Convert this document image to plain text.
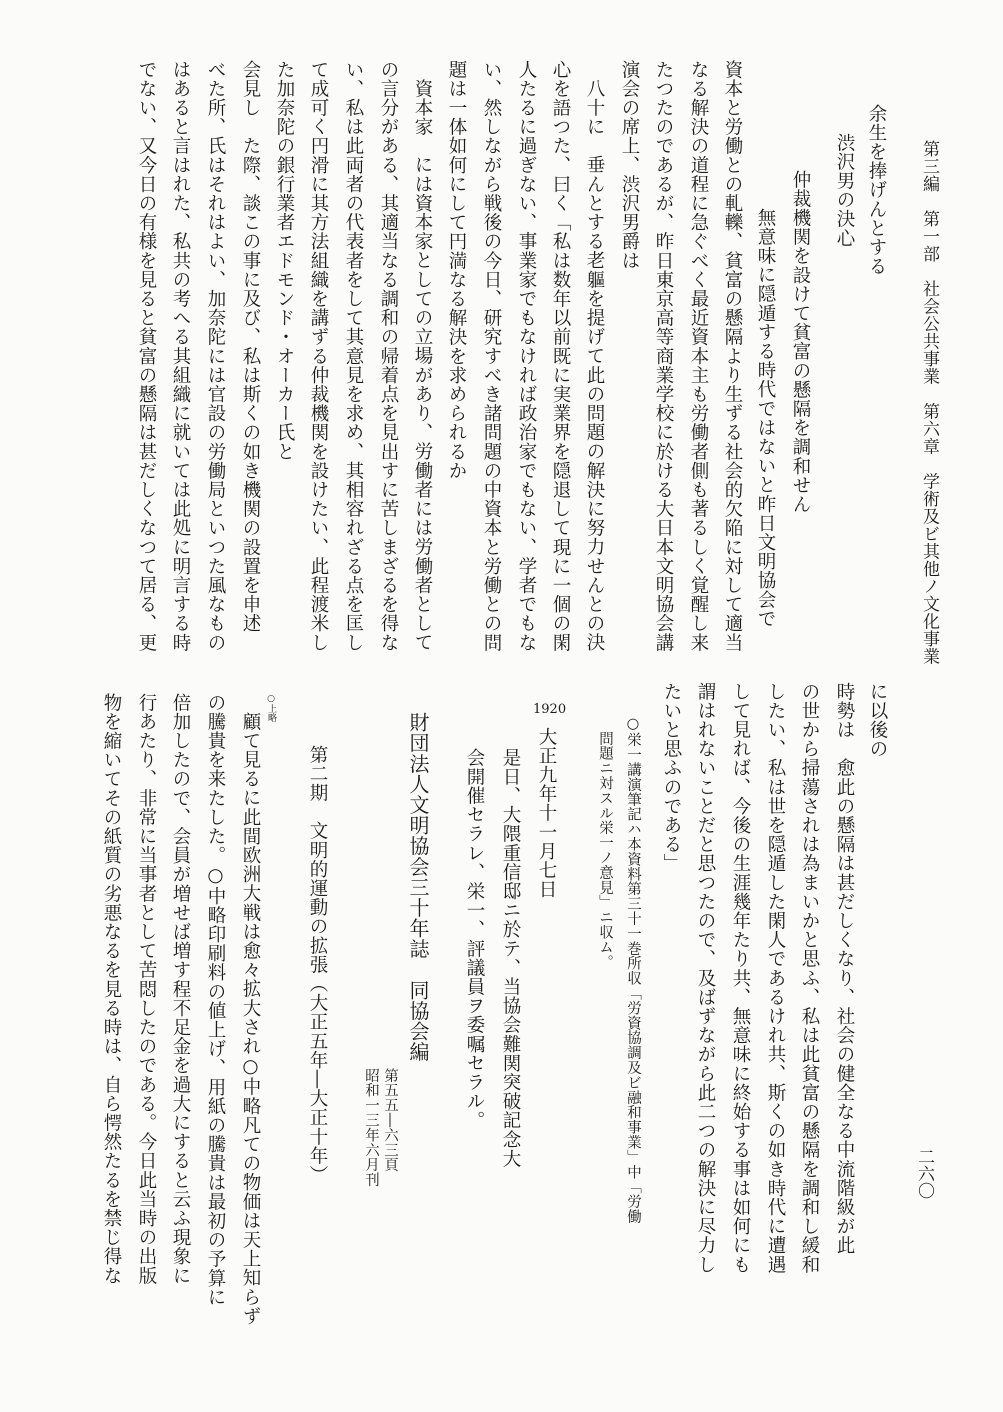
第三編　第一部　社会公共事業　第六章　学術及ビ其他ノ文化事業
二六〇
余生を捧げんとする
渋沢男の決心
仲裁機関を設けて貧富の懸隔を調和せん
無意味に隠遁する時代ではないと昨日文明協会で
資本と労働との軋轢、貧富の懸隔より生ずる社会的欠陥に対して適当
なる解決の道程に急ぐべく最近資本主も労働者側も著るしく覚醒し来
たつたのであるが、昨日東京高等商業学校に於ける大日本文明協会講
演会の席上、渋沢男爵は
八十に　垂んとする老軀を提げて此の問題の解決に努力せんとの決
心を語つた、曰く「私は数年以前既に実業界を隠退して現に一個の閑
人たるに過ぎない、事業家でもなければ政治家でもない、学者でもな
い、然しながら戦後の今日、研究すべき諸問題の中資本と労働との問
題は一体如何にして円満なる解決を求められるか
資本家　には資本家としての立場があり、労働者には労働者として
の言分がある、其適当なる調和の帰着点を見出すに苦しまざるを得な
い、私は此両者の代表者をして其意見を求め、其相容れざる点を匡し
て成可く円滑に其方法組織を講ずる仲裁機関を設けたい、此程渡米し
た加奈陀の銀行業者エドモンド・オーカー氏と
会見し　た際、談この事に及び、私は斯くの如き機関の設置を申述
べた所、氏はそれはよい、加奈陀には官設の労働局といつた風なもの
はあると言はれた、私共の考へる其組織に就いては此処に明言する時
でない、又今日の有様を見ると貧富の懸隔は甚だしくなつて居る、更
に以後の
時勢は　愈此の懸隔は甚だしくなり、社会の健全なる中流階級が此
の世から掃蕩されは為まいかと思ふ、私は此貧富の懸隔を調和し緩和
したい、私は世を隠遁した閑人であるけれ共、斯くの如き時代に遭遇
して見れば、今後の生涯幾年たり共、無意味に終始する事は如何にも
謂はれないことだと思つたので、及ばずながら此二つの解決に尽力し
たいと思ふのである」
○栄一講演筆記ハ本資料第三十一巻所収「労資協調及ビ融和事業」中「労働
問題ニ対スル栄一ノ意見」ニ収ム。
1920
大正九年十一月七日
是日、大隈重信邸ニ於テ、当協会難関突破記念大
会開催セラレ、栄一、評議員ヲ委嘱セラル。
財団法人文明協会三十年誌　同協会編
第五五―六三頁
昭和一三年六月刊
第二期　文明的運動の拡張（大正五年―大正十年）
○上略
顧て見るに此間欧洲大戦は愈々拡大され○中略凡ての物価は天上知らず
の騰貴を来たした。○中略印刷料の値上げ、用紙の騰貴は最初の予算に
倍加したので、会員が増せば増す程不足金を過大にすると云ふ現象に
行あたり、非常に当事者として苦悶したのである。今日此当時の出版
物を縮いてその紙質の劣悪なるを見る時は、自ら愕然たるを禁じ得な
